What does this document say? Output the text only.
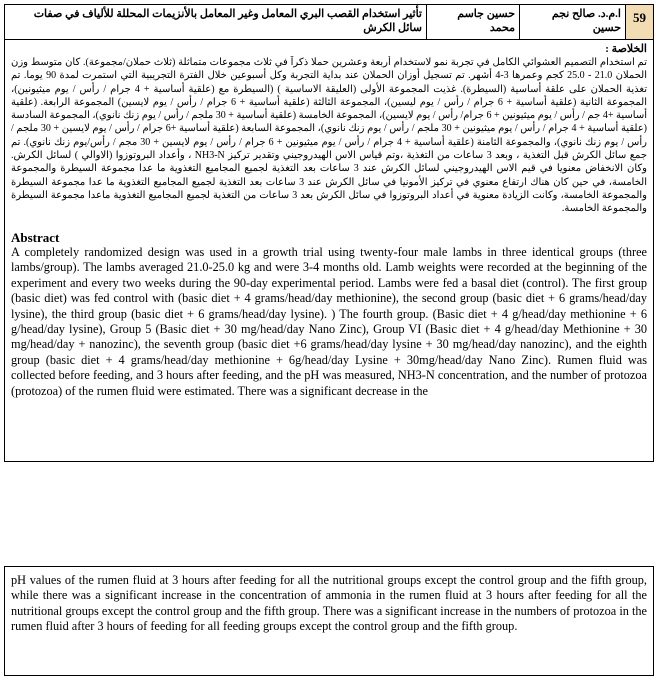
59
ا.م.د. صالح نجم حسين
حسين جاسم محمد
تأثير استخدام القصب البري المعامل وغير المعامل بالأنزيمات المحللة للألياف في صفات سائل الكرش
الخلاصة :
تم استخدام التصميم العشوائي الكامل في تجربة نمو لاستخدام أربعة وعشرين حملا ذكراً في ثلاث مجموعات متماثلة (ثلاث حملان/مجموعة). كان متوسط وزن الحملان 21.0 - 25.0 كجم وعمرها 3-4 أشهر. تم تسجيل أوزان الحملان عند بداية التجربة وكل أسبوعين خلال الفترة التجريبية التي استمرت لمدة 90 يوما. تم تغذية الحملان على علقة أساسية (السيطرة). غذيت المجموعة الأولى (العليقة الاساسية ) (السيطرة مع (علقية أساسية + 4 جرام / رأس / يوم ميثيونين)، المجموعة الثانية (علقية أساسية + 6 جرام / رأس / يوم ليسين)، المجموعة الثالثة (علقية أساسية + 6 جرام / رأس / يوم لايسين) المجموعة الرابعة. (علقية أساسية +4 جم / رأس / يوم ميثيونين + 6 جرام/ رأس / يوم لايسين)، المجموعة الخامسة (علقية أساسية + 30 ملجم / رأس / يوم زنك نانوي)، المجموعة السادسة (علقية أساسية + 4 جرام / رأس / يوم ميثيونين + 30 ملجم / رأس / يوم زنك نانوي)، المجموعة السابعة (علقية أساسية +6 جرام / رأس / يوم لايسين + 30 ملجم / رأس / يوم زنك نانوي)، والمجموعة الثامنة (علقية أساسية + 4 جرام / رأس / يوم ميثيونين + 6 جرام / رأس / يوم لايسين + 30 مجم / رأس/يوم زنك نانوي). تم جمع سائل الكرش قبل التغذية ، وبعد 3 ساعات من التغذية ،وتم قياس الاس الهيدروجيني وتقدير تركيز NH3-N ، وأعداد البروتوزوا (الاوالي ) لسائل الكرش. وكان الانخفاض معنويا في قيم الاس الهيدروجيني لسائل الكرش عند 3 ساعات بعد التغذية لجميع المجاميع التغذوية ما عدا مجموعة السيطرة والمجموعة الخامسة، في حين كان هناك ارتفاع معنوي في تركيز الأمونيا في سائل الكرش عند 3 ساعات بعد التغذية لجميع المجاميع التغذوية ما عدا مجموعة السيطرة والمجموعة الخامسة، وكانت الزيادة معنوية في أعداد البروتوزوا في سائل الكرش بعد 3 ساعات من التغذية لجميع المجاميع التغذوية ماعدا مجموعة السيطرة والمجموعة الخامسة.
Abstract
A completely randomized design was used in a growth trial using twenty-four male lambs in three identical groups (three lambs/group). The lambs averaged 21.0-25.0 kg and were 3-4 months old. Lamb weights were recorded at the beginning of the experiment and every two weeks during the 90-day experimental period. Lambs were fed a basal diet (control). The first group (basic diet) was fed control with (basic diet + 4 grams/head/day methionine), the second group (basic diet + 6 grams/head/day lysine), the third group (basic diet + 6 grams/head/day lysine). ) The fourth group. (Basic diet + 4 g/head/day methionine + 6 g/head/day lysine), Group 5 (Basic diet + 30 mg/head/day Nano Zinc), Group VI (Basic diet + 4 g/head/day Methionine + 30 mg/head/day + nanozinc), the seventh group (basic diet +6 grams/head/day lysine + 30 mg/head/day nanozinc), and the eighth group (basic diet + 4 grams/head/day methionine + 6g/head/day Lysine + 30mg/head/day Nano Zinc). Rumen fluid was collected before feeding, and 3 hours after feeding, and the pH was measured, NH3-N concentration, and the number of protozoa (protozoa) of the rumen fluid were estimated. There was a significant decrease in the
pH values of the rumen fluid at 3 hours after feeding for all the nutritional groups except the control group and the fifth group, while there was a significant increase in the concentration of ammonia in the rumen fluid at 3 hours after feeding for all the nutritional groups except the control group and the fifth group. There was a significant increase in the numbers of protozoa in the rumen fluid after 3 hours of feeding for all feeding groups except the control group and the fifth group.
